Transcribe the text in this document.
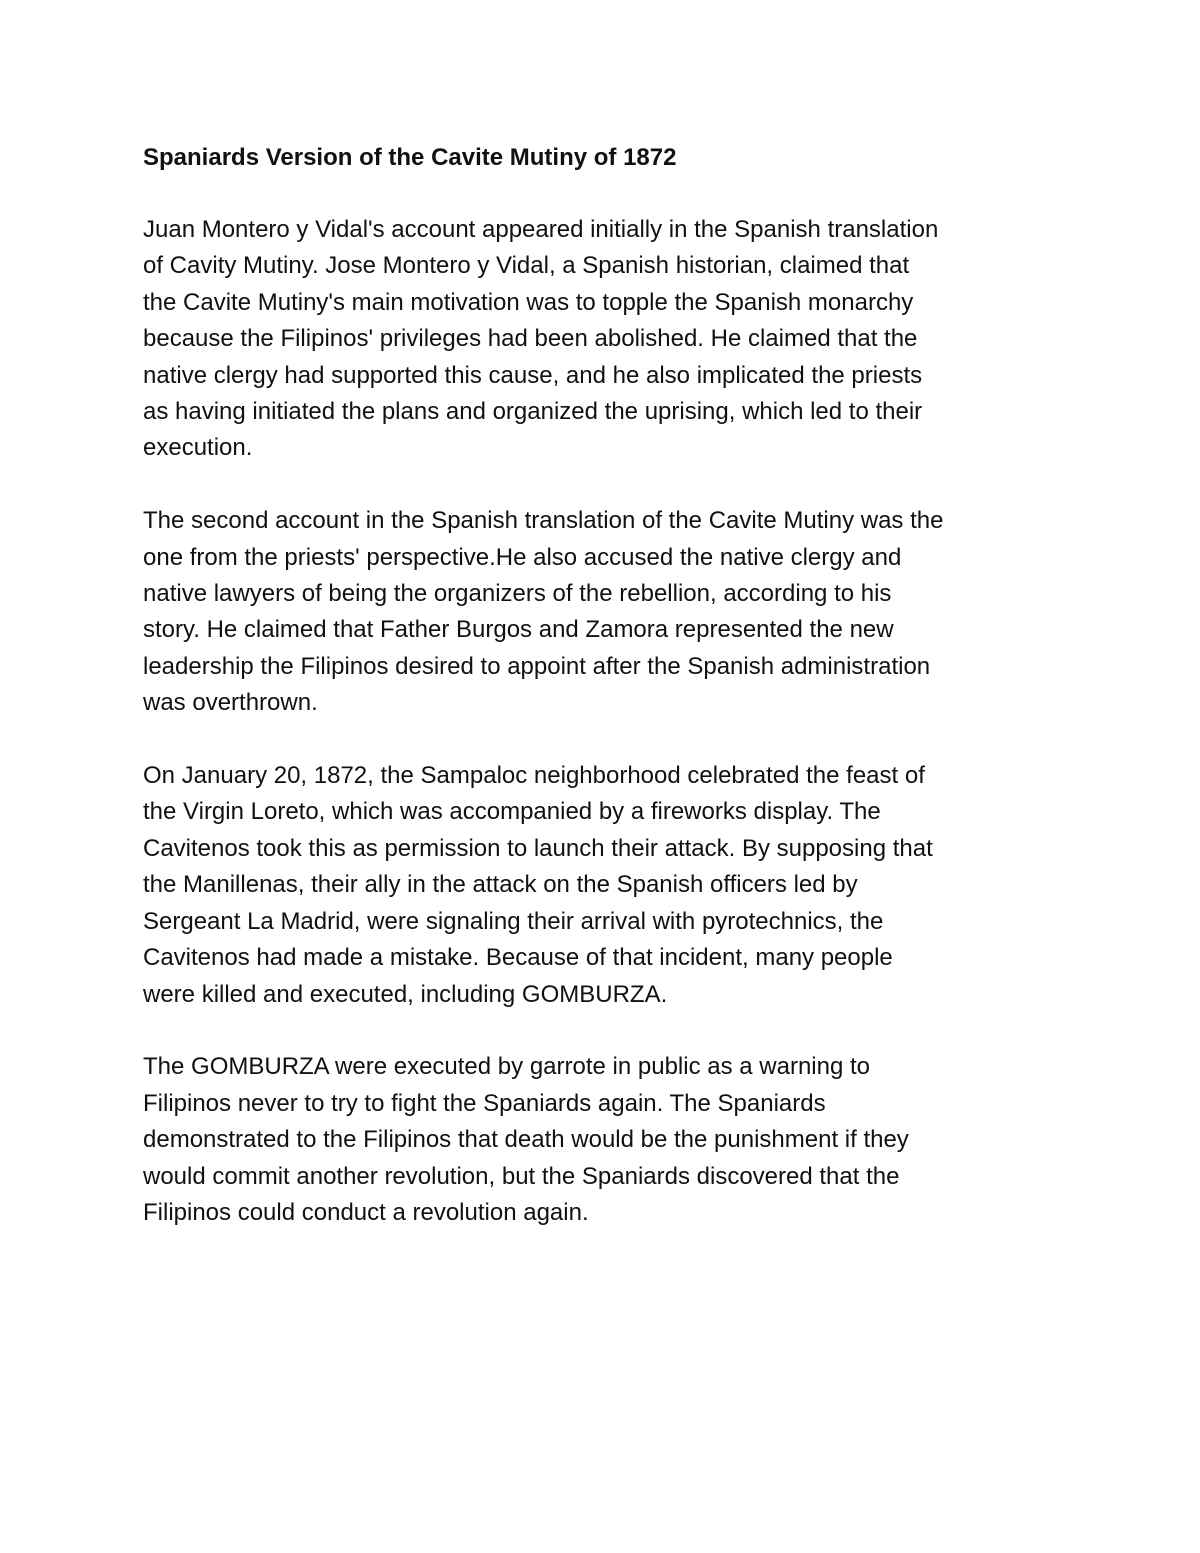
Spaniards Version of the Cavite Mutiny of 1872
Juan Montero y Vidal's account appeared initially in the Spanish translation
of Cavity Mutiny. Jose Montero y Vidal, a Spanish historian, claimed that
the Cavite Mutiny's main motivation was to topple the Spanish monarchy
because the Filipinos' privileges had been abolished. He claimed that the
native clergy had supported this cause, and he also implicated the priests
as having initiated the plans and organized the uprising, which led to their
execution.
The second account in the Spanish translation of the Cavite Mutiny was the
one from the priests' perspective.He also accused the native clergy and
native lawyers of being the organizers of the rebellion, according to his
story. He claimed that Father Burgos and Zamora represented the new
leadership the Filipinos desired to appoint after the Spanish administration
was overthrown.
On January 20, 1872, the Sampaloc neighborhood celebrated the feast of
the Virgin Loreto, which was accompanied by a fireworks display. The
Cavitenos took this as permission to launch their attack. By supposing that
the Manillenas, their ally in the attack on the Spanish officers led by
Sergeant La Madrid, were signaling their arrival with pyrotechnics, the
Cavitenos had made a mistake. Because of that incident, many people
were killed and executed, including GOMBURZA.
The GOMBURZA were executed by garrote in public as a warning to
Filipinos never to try to fight the Spaniards again. The Spaniards
demonstrated to the Filipinos that death would be the punishment if they
would commit another revolution, but the Spaniards discovered that the
Filipinos could conduct a revolution again.
